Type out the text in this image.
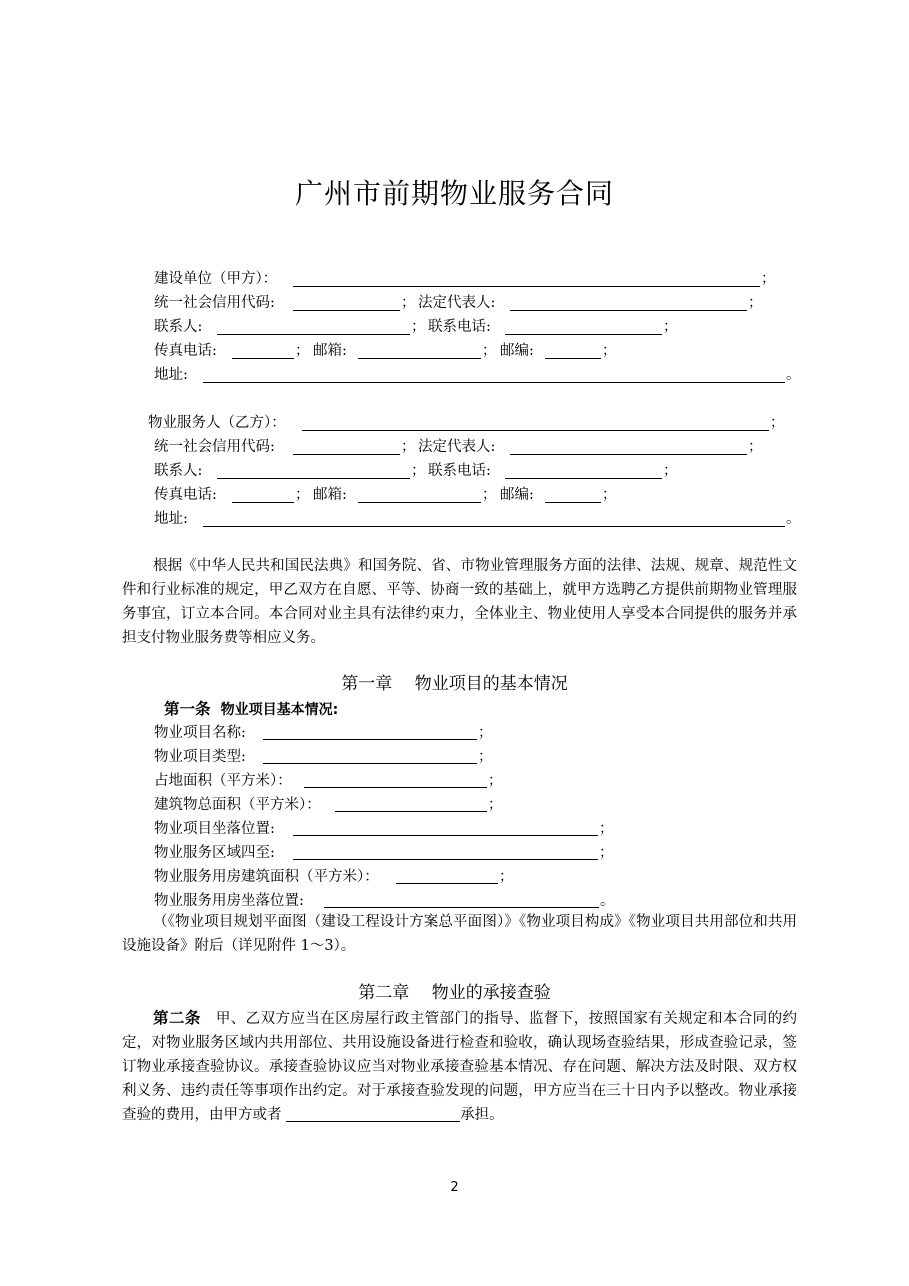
广州市前期物业服务合同
建设单位（甲方）：	；
统一社会信用代码:	； 法定代表人:	；
联系人:	； 联系电话:	；
传真电话:	； 邮箱:	； 邮编:	；
地址:	。
物业服务人（乙方）：	；
统一社会信用代码:	； 法定代表人:	；
联系人:	； 联系电话:	；
传真电话:	； 邮箱:	； 邮编:	；
地址:	。
根据《中华人民共和国民法典》和国务院、省、市物业管理服务方面的法律、法规、规章、规范性文件和行业标准的规定，甲乙双方在自愿、平等、协商一致的基础上，就甲方选聘乙方提供前期物业管理服务事宜，订立本合同。本合同对业主具有法律约束力，全体业主、物业使用人享受本合同提供的服务并承担支付物业服务费等相应义务。
第一章　 物业项目的基本情况
第一条 物业项目基本情况:
物业项目名称:	；
物业项目类型:	；
占地面积（平方米）：	；
建筑物总面积（平方米）：	；
物业项目坐落位置:	；
物业服务区域四至:	；
物业服务用房建筑面积（平方米）：	；
物业服务用房坐落位置:	。
（《物业项目规划平面图（建设工程设计方案总平面图）》《物业项目构成》《物业项目共用部位和共用设施设备》附后（详见附件 1～3）。
第二章　 物业的承接查验
第二条 甲、乙双方应当在区房屋行政主管部门的指导、监督下，按照国家有关规定和本合同的约定，对物业服务区域内共用部位、共用设施设备进行检查和验收，确认现场查验结果，形成查验记录，签订物业承接查验协议。承接查验协议应当对物业承接查验基本情况、存在问题、解决方法及时限、双方权利义务、违约责任等事项作出约定。对于承接查验发现的问题，甲方应当在三十日内予以整改。物业承接查验的费用，由甲方或者	承担。
2
